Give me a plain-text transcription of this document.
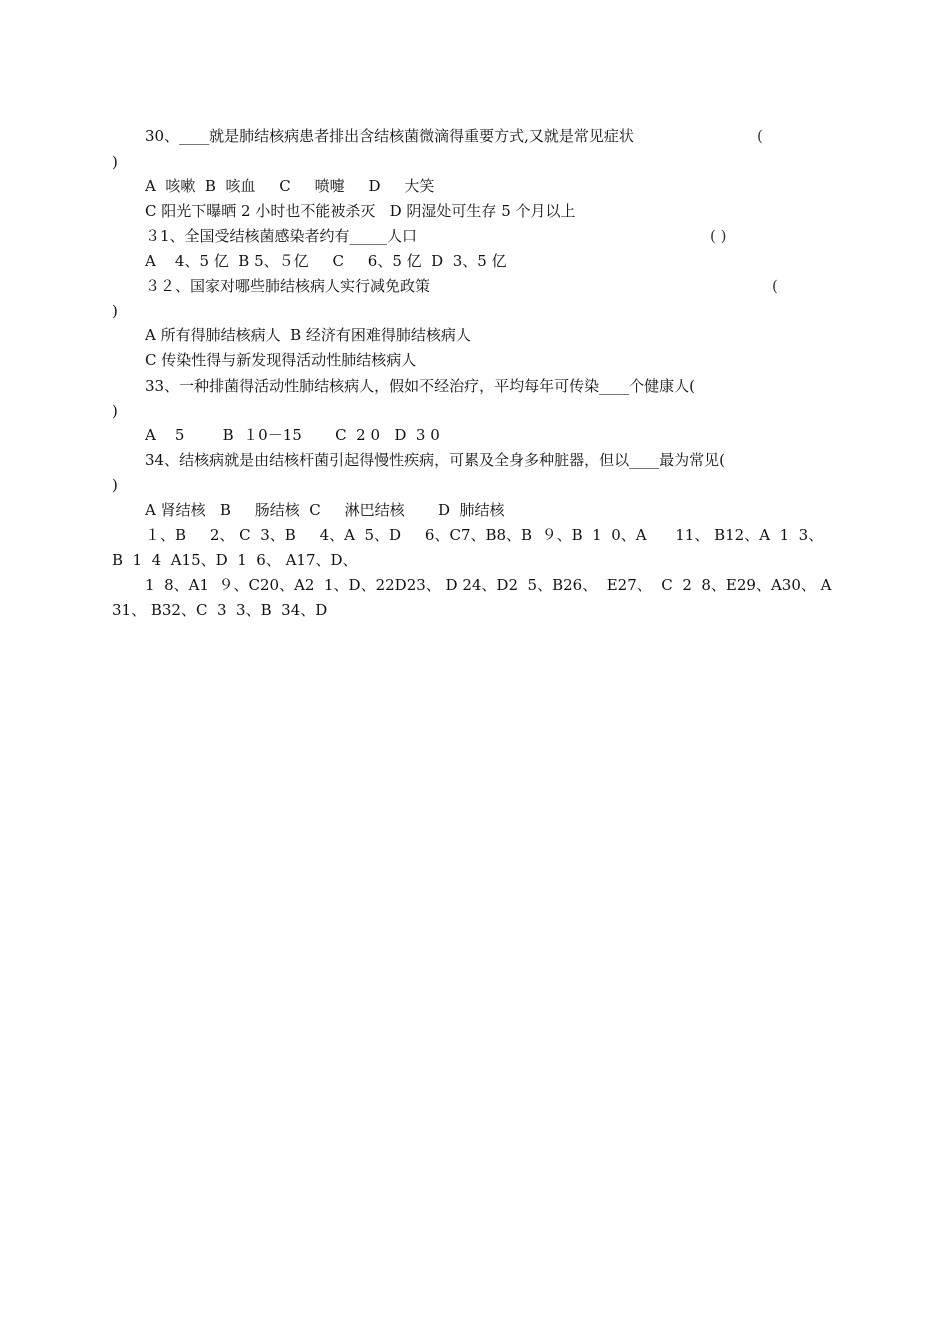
30、____就是肺结核病患者排出含结核菌微滴得重要方式,又就是常见症状	(

)

A  咳嗽  B  咳血     C     喷嚏     D     大笑

C 阳光下曝晒 2 小时也不能被杀灭   D 阴湿处可生存 5 个月以上

３1、全国受结核菌感染者约有_____人口	( )

A    4、5 亿  B 5、５亿     C     6、5 亿  D  3、5 亿

３２、国家对哪些肺结核病人实行减免政策	(

)

A 所有得肺结核病人  B 经济有困难得肺结核病人

C 传染性得与新发现得活动性肺结核病人

33、一种排菌得活动性肺结核病人，假如不经治疗，平均每年可传染____个健康人(

)

A    5        B  １0－15       C  2 0   D  3 0

34、结核病就是由结核杆菌引起得慢性疾病，可累及全身多种脏器，但以____最为常见(

)

A 肾结核   B     肠结核  C     淋巴结核       D  肺结核

１、B     2、 C  3、B     4、A  5、D     6、C7、B8、B  ９、B  1  0、A      11、 B12、A  1  3、

B  1  4  A15、D  1  6、 A17、D、

1  8、A1  ９、C20、A2  1、D、22D23、 D 24、D2  5、B26、  E27、  C  2  8、E29、A30、 A

31、 B32、C  3  3、B  34、D
